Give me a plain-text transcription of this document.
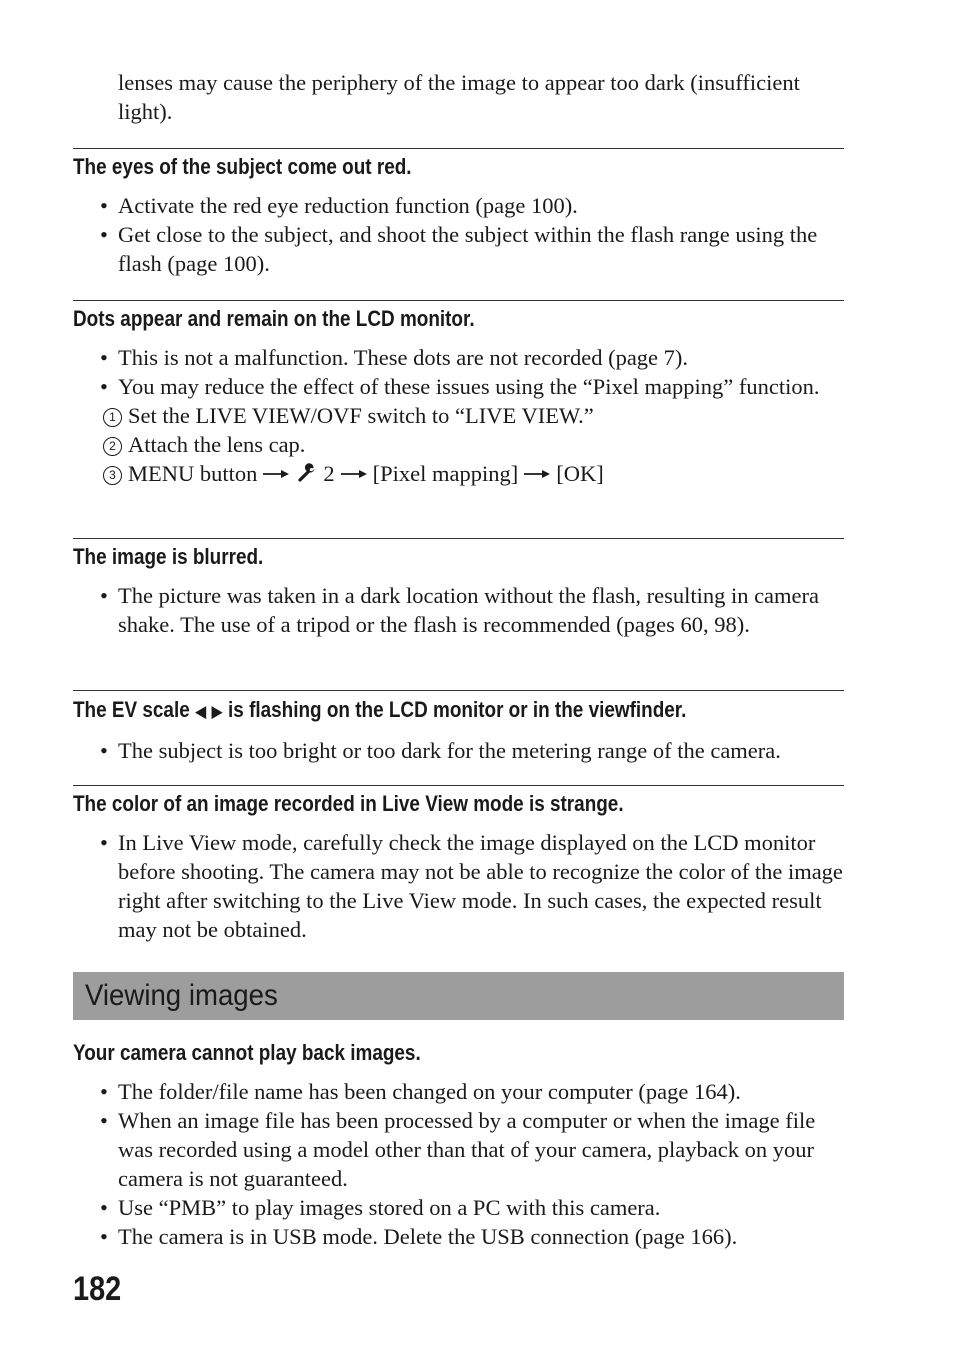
lenses may cause the periphery of the image to appear too dark (insufficient light).

The eyes of the subject come out red.
• Activate the red eye reduction function (page 100).
• Get close to the subject, and shoot the subject within the flash range using the flash (page 100).
Dots appear and remain on the LCD monitor.
• This is not a malfunction. These dots are not recorded (page 7).
• You may reduce the effect of these issues using the “Pixel mapping” function.
1 Set the LIVE VIEW/OVF switch to “LIVE VIEW.”
2 Attach the lens cap.
3 MENU button	2 [Pixel mapping] [OK]
The image is blurred.
• The picture was taken in a dark location without the flash, resulting in camera shake. The use of a tripod or the flash is recommended (pages 60, 98).
The EV scale ◀ ▶ is flashing on the LCD monitor or in the viewfinder.
• The subject is too bright or too dark for the metering range of the camera.
The color of an image recorded in Live View mode is strange.
• In Live View mode, carefully check the image displayed on the LCD monitor before shooting. The camera may not be able to recognize the color of the image right after switching to the Live View mode. In such cases, the expected result may not be obtained.
Viewing images
Your camera cannot play back images.
• The folder/file name has been changed on your computer (page 164).
• When an image file has been processed by a computer or when the image file was recorded using a model other than that of your camera, playback on your camera is not guaranteed.
• Use “PMB” to play images stored on a PC with this camera.
• The camera is in USB mode. Delete the USB connection (page 166).
182
